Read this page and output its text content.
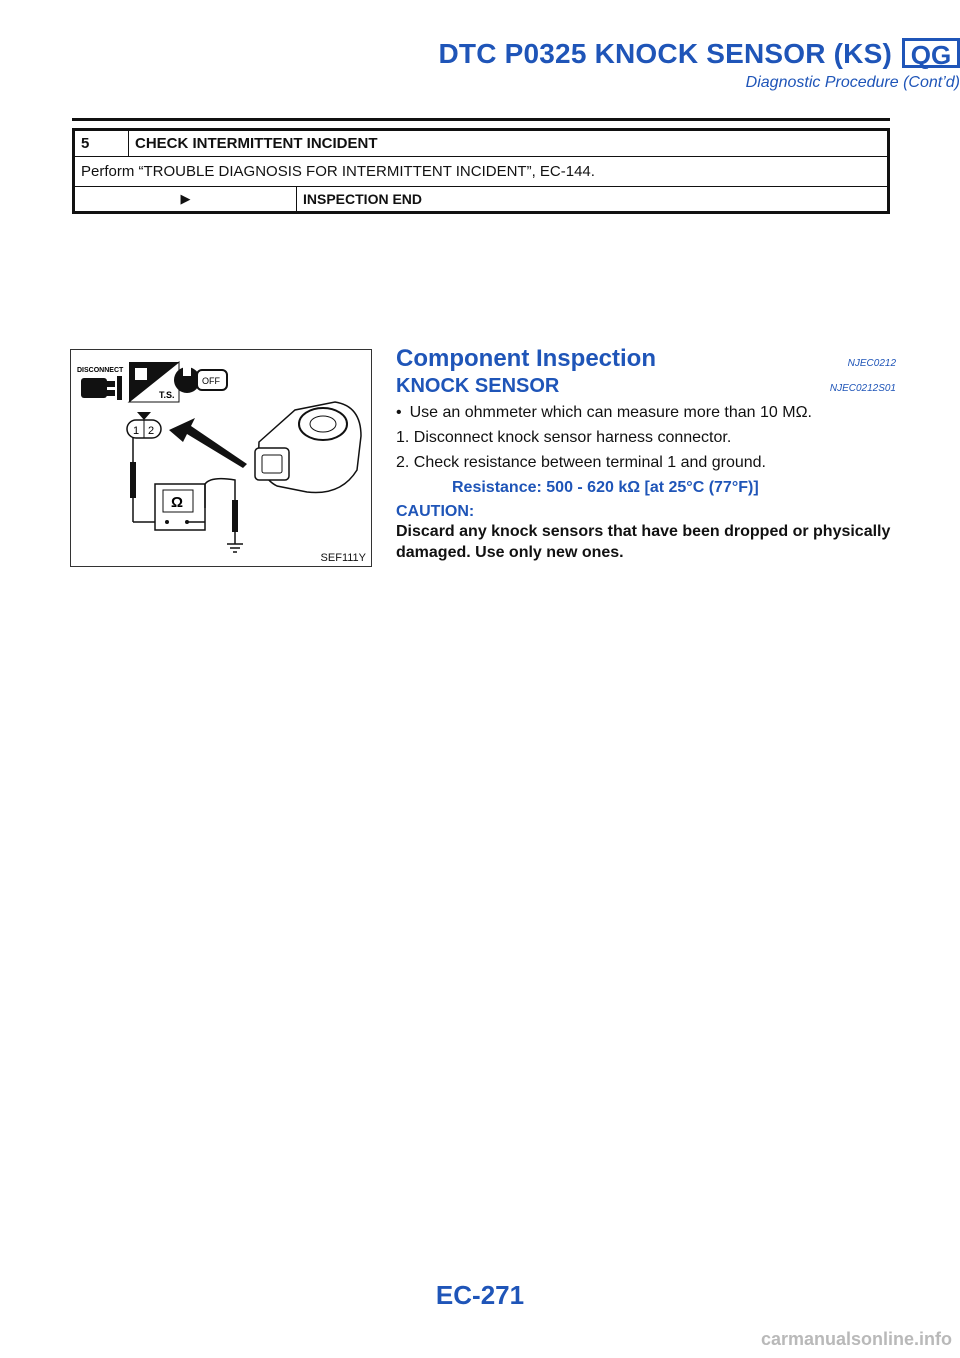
DTC P0325 KNOCK SENSOR (KS) QG
Diagnostic Procedure (Cont’d)
5	CHECK INTERMITTENT INCIDENT
Perform “TROUBLE DIAGNOSIS FOR INTERMITTENT INCIDENT”, EC-144.
▶	INSPECTION END
DISCONNECT
T.S.
OFF
1 2
Ω
SEF111Y
Component Inspection	NJEC0212
KNOCK SENSOR	NJEC0212S01
• Use an ohmmeter which can measure more than 10 MΩ.
1. Disconnect knock sensor harness connector.
2. Check resistance between terminal 1 and ground.
Resistance: 500 - 620 kΩ [at 25°C (77°F)]
CAUTION:
Discard any knock sensors that have been dropped or physically damaged. Use only new ones.
EC-271
carmanualsonline.info
